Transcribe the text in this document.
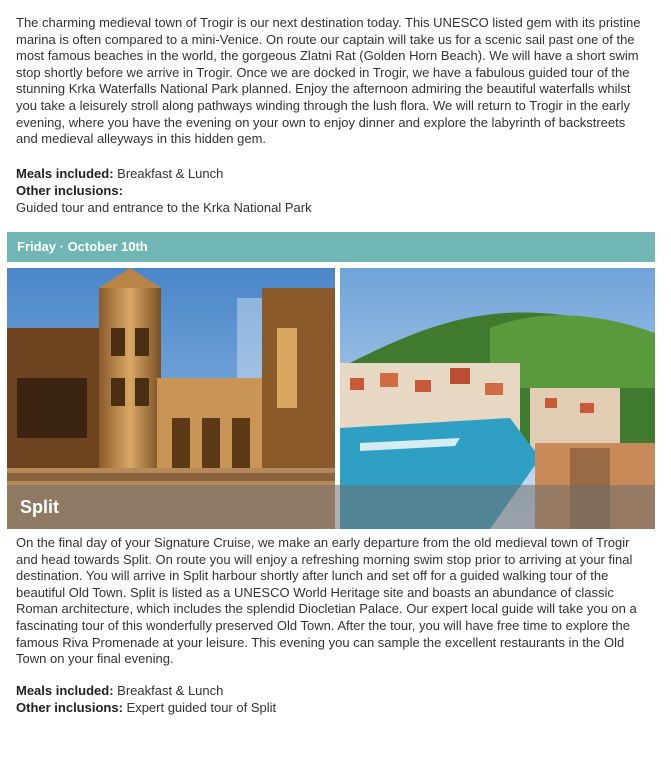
The charming medieval town of Trogir is our next destination today. This UNESCO listed gem with its pristine
marina is often compared to a mini-Venice. On route our captain will take us for a scenic sail past one of the
most famous beaches in the world, the gorgeous Zlatni Rat (Golden Horn Beach). We will have a short swim
stop shortly before we arrive in Trogir. Once we are docked in Trogir, we have a fabulous guided tour of the
stunning Krka Waterfalls National Park planned. Enjoy the afternoon admiring the beautiful waterfalls whilst
you take a leisurely stroll along pathways winding through the lush flora. We will return to Trogir in the early
evening, where you have the evening on your own to enjoy dinner and explore the labyrinth of backstreets
and medieval alleyways in this hidden gem.

Meals included: Breakfast & Lunch
Other inclusions:
Guided tour and entrance to the Krka National Park
Friday · October 10th
Split

On the final day of your Signature Cruise, we make an early departure from the old medieval town of Trogir
and head towards Split. On route you will enjoy a refreshing morning swim stop prior to arriving at your final
destination. You will arrive in Split harbour shortly after lunch and set off for a guided walking tour of the
beautiful Old Town. Split is listed as a UNESCO World Heritage site and boasts an abundance of classic
Roman architecture, which includes the splendid Diocletian Palace. Our expert local guide will take you on a
fascinating tour of this wonderfully preserved Old Town. After the tour, you will have free time to explore the
famous Riva Promenade at your leisure. This evening you can sample the excellent restaurants in the Old
Town on your final evening.

Meals included: Breakfast & Lunch
Other inclusions: Expert guided tour of Split
